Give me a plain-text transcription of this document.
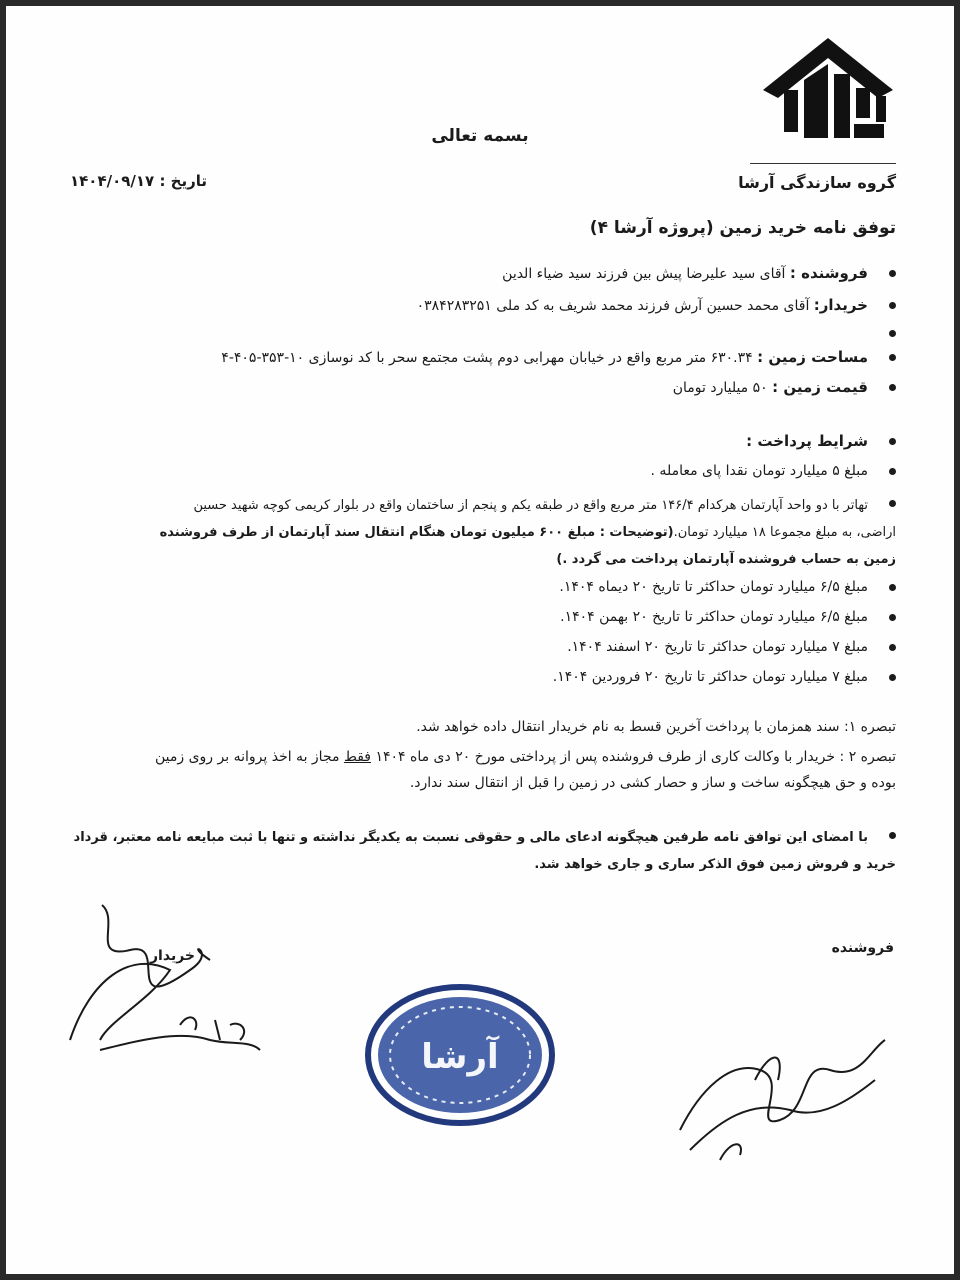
بسمه تعالی
تاریخ : ۱۴۰۴/۰۹/۱۷	گروه سازندگی آرشا
توفق نامه خرید زمین (پروژه آرشا ۴)
فروشنده : آقای سید علیرضا پیش بین فرزند سید ضیاء الدین
خریدار: آقای محمد حسین آرش فرزند محمد شریف به کد ملی ۰۳۸۴۲۸۳۲۵۱
مساحت زمین : ۶۳۰.۳۴ متر مربع واقع در خیابان مهرابی دوم پشت مجتمع سحر با کد نوسازی ۱۰-۳۵۳-۴۰۵-۴
قیمت زمین : ۵۰ میلیارد تومان
شرایط پرداخت :
مبلغ ۵ میلیارد تومان نقدا پای معامله .
تهاتر با دو واحد آپارتمان هرکدام ۱۴۶/۴ متر مربع واقع در طبقه یکم و پنجم از ساختمان واقع در بلوار کریمی کوچه شهید حسین
اراضی، به مبلغ مجموعا ۱۸ میلیارد تومان.(توضیحات : مبلغ ۶۰۰ میلیون تومان هنگام انتقال سند آپارتمان از طرف فروشنده
زمین به حساب فروشنده آپارتمان پرداخت می گردد .)
مبلغ ۶/۵ میلیارد تومان حداکثر تا تاریخ ۲۰ دیماه ۱۴۰۴.
مبلغ ۶/۵ میلیارد تومان حداکثر تا تاریخ ۲۰ بهمن ۱۴۰۴.
مبلغ ۷ میلیارد تومان حداکثر تا تاریخ ۲۰ اسفند ۱۴۰۴.
مبلغ ۷ میلیارد تومان حداکثر تا تاریخ ۲۰ فروردین ۱۴۰۴.
تبصره ۱: سند همزمان با پرداخت آخرین قسط به نام خریدار انتقال داده خواهد شد.
تبصره ۲ : خریدار با وکالت کاری از طرف فروشنده پس از پرداختی مورخ ۲۰ دی ماه ۱۴۰۴ فقط مجاز به اخذ پروانه بر روی زمین
بوده و حق هیچگونه ساخت و ساز و حصار کشی در زمین را قبل از انتقال سند ندارد.
با امضای این توافق نامه طرفین هیچگونه ادعای مالی و حقوقی نسبت به یکدیگر نداشته و تنها با ثبت مبایعه نامه معتبر، قرداد
خرید و فروش زمین فوق الذکر ساری و جاری خواهد شد.
خریدار	فروشنده
آرشا
